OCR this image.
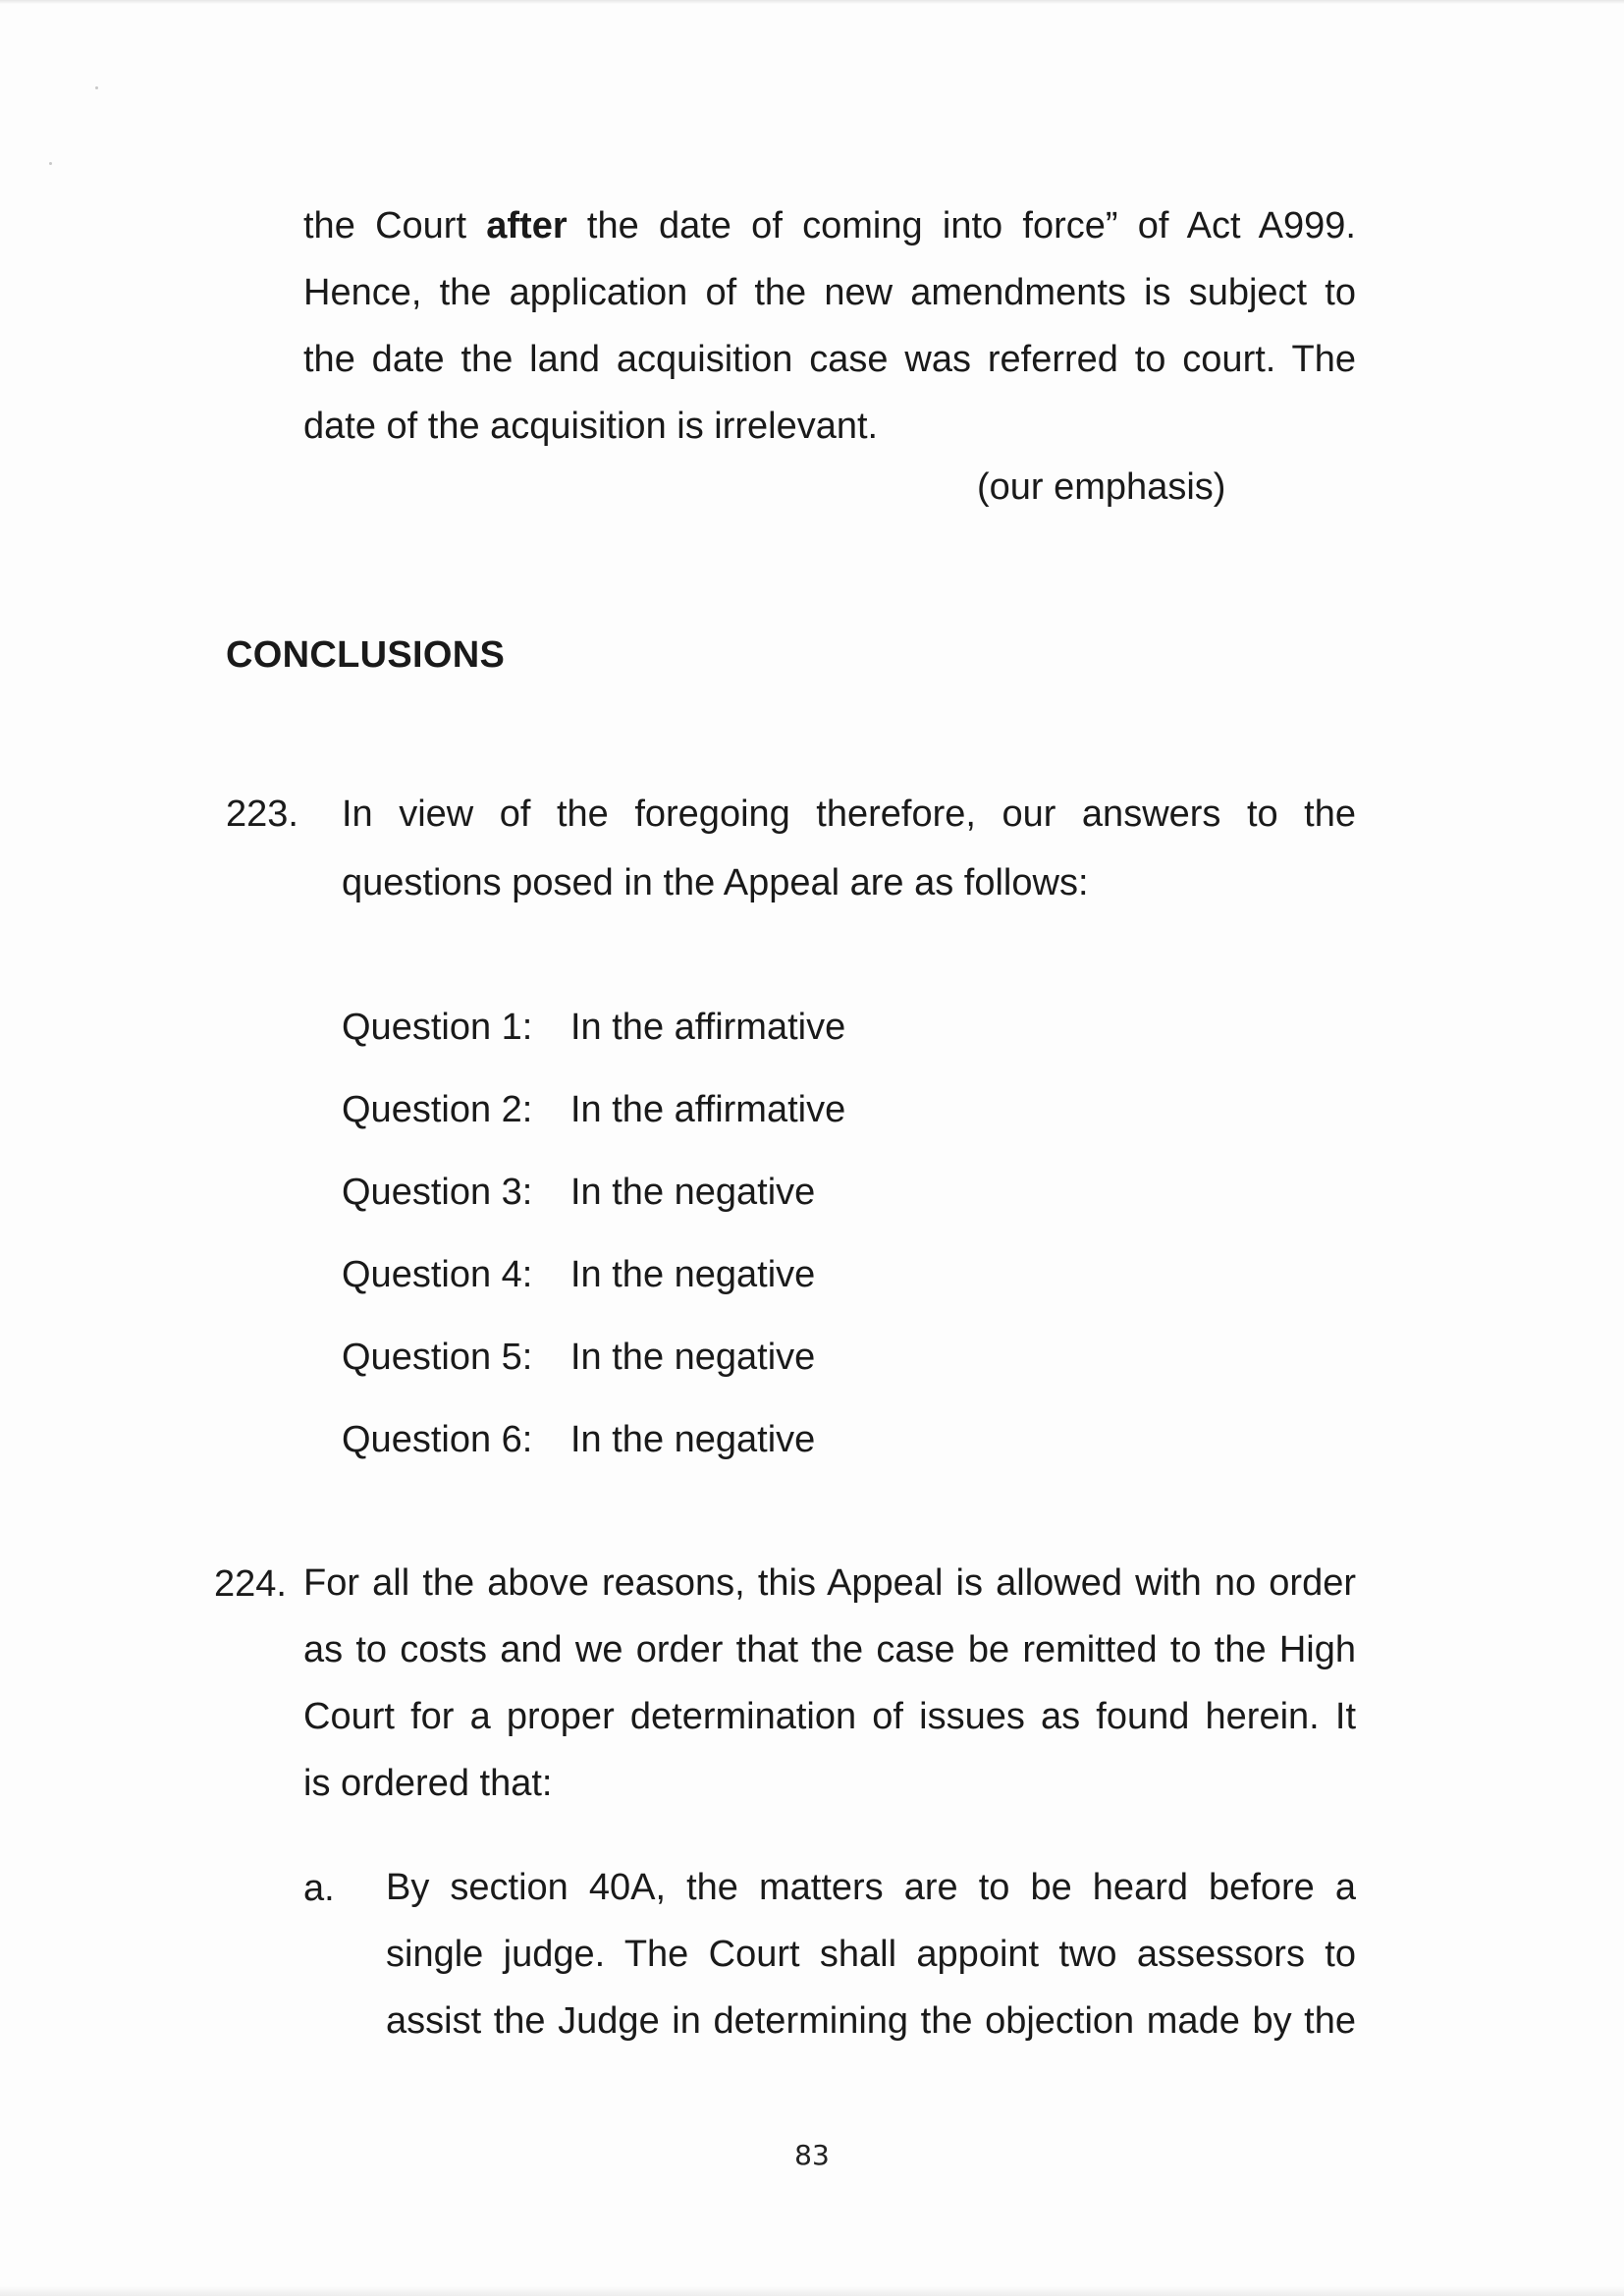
the Court after the date of coming into force” of Act A999.
Hence, the application of the new amendments is subject to
the date the land acquisition case was referred to court. The
date of the acquisition is irrelevant.
(our emphasis)
CONCLUSIONS
223. In view of the foregoing therefore, our answers to the
questions posed in the Appeal are as follows:
Question 1:	In the affirmative
Question 2:	In the affirmative
Question 3:	In the negative
Question 4:	In the negative
Question 5:	In the negative
Question 6:	In the negative
224. For all the above reasons, this Appeal is allowed with no order
as to costs and we order that the case be remitted to the High
Court for a proper determination of issues as found herein. It
is ordered that:
a. By section 40A, the matters are to be heard before a
single judge. The Court shall appoint two assessors to
assist the Judge in determining the objection made by the
83
